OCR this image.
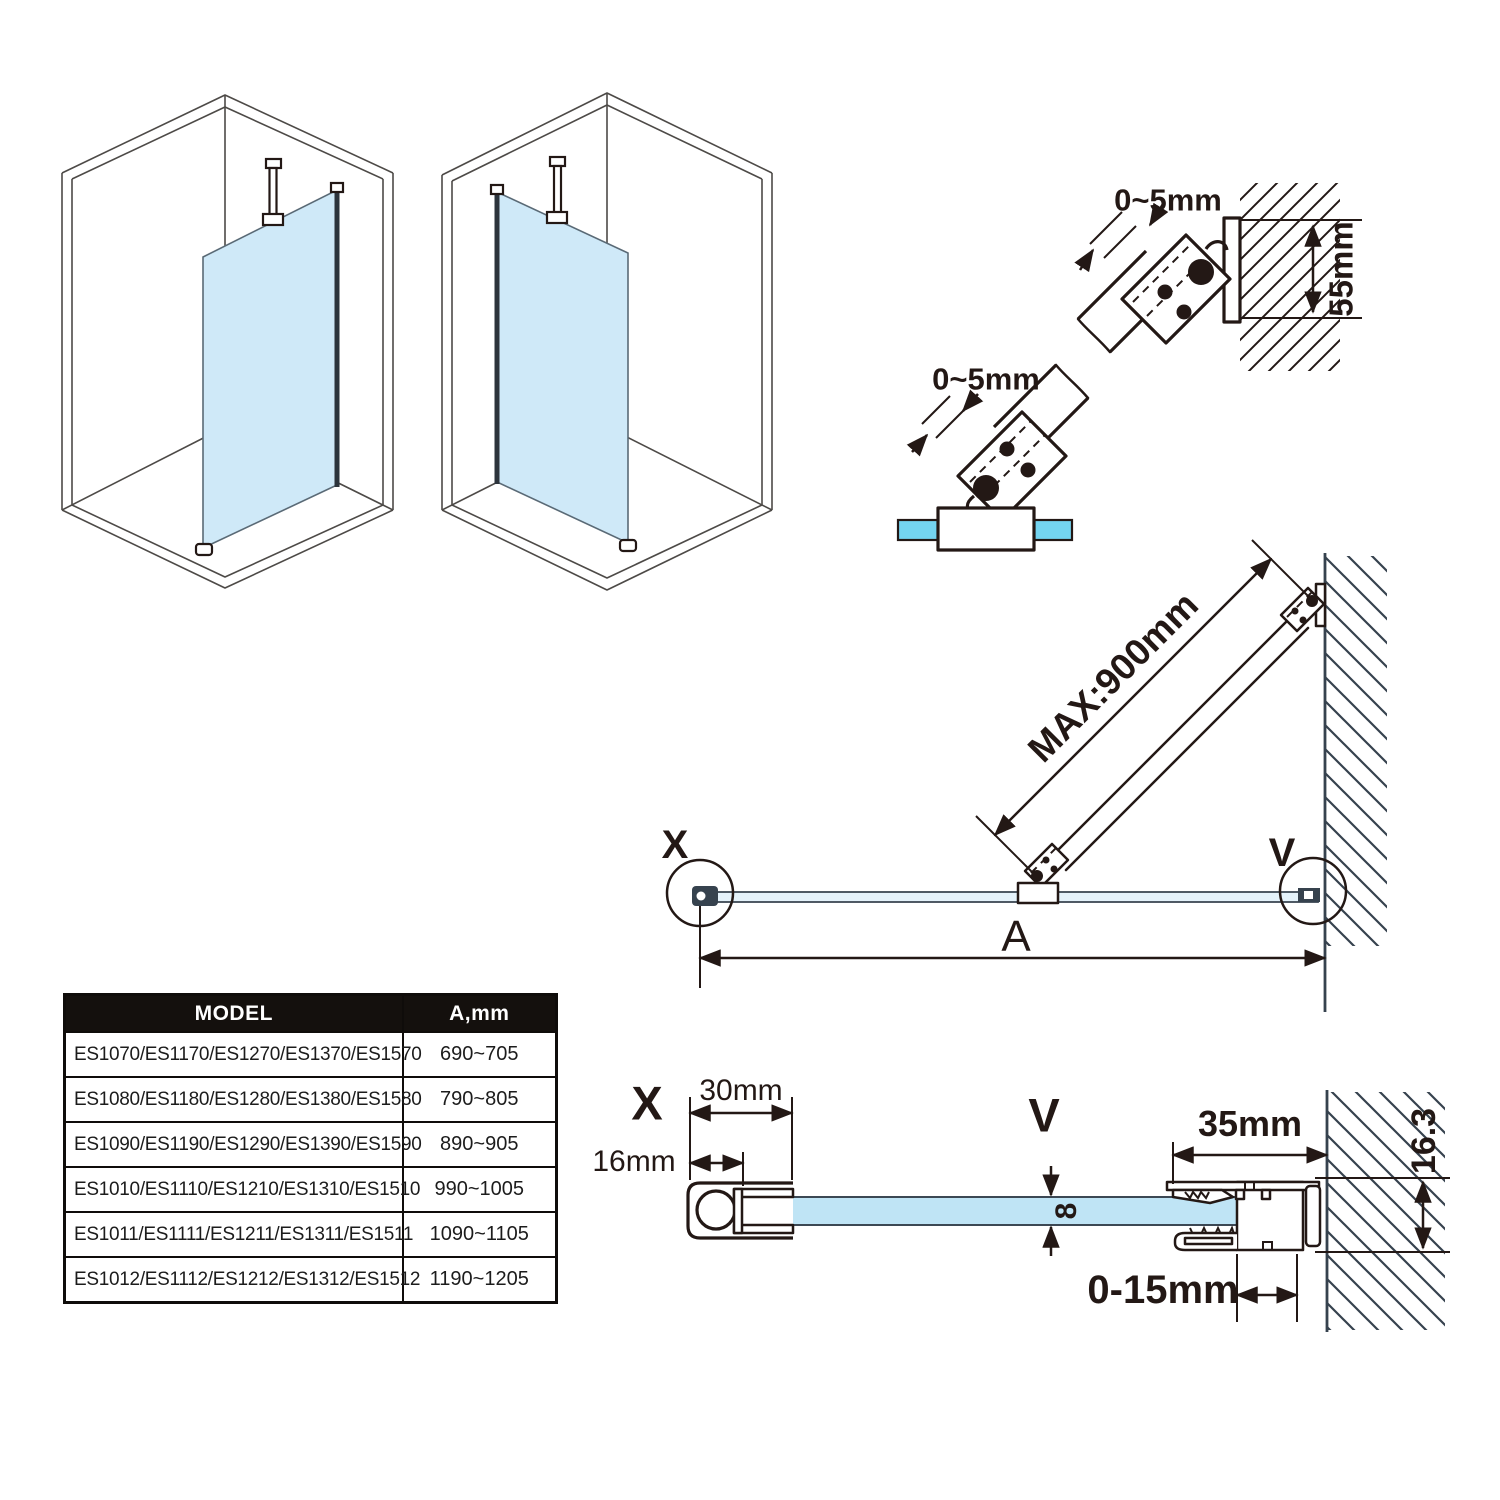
0~5mm
0~5mm
55mm
MAX:900mm
X	V
A
X 30mm
16mm
V	35mm	16.3
8
0-15mm
MODEL	A,mm
ES1070/ES1170/ES1270/ES1370/ES1570	690~705
ES1080/ES1180/ES1280/ES1380/ES1580	790~805
ES1090/ES1190/ES1290/ES1390/ES1590	890~905
ES1010/ES1110/ES1210/ES1310/ES1510	990~1005
ES1011/ES1111/ES1211/ES1311/ES1511	1090~1105
ES1012/ES1112/ES1212/ES1312/ES1512	1190~1205
